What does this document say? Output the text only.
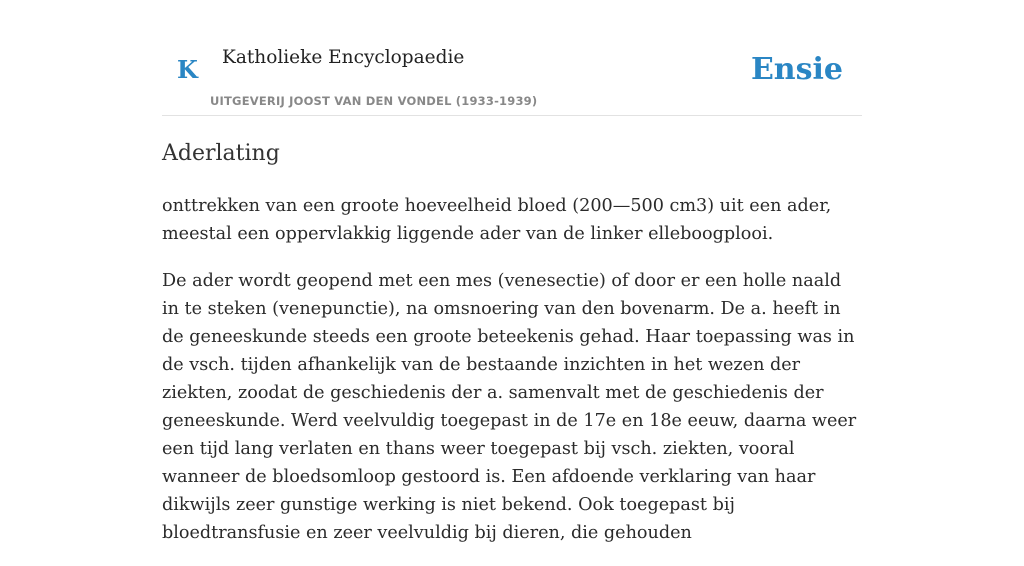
K Katholieke Encyclopaedie
UITGEVERIJ JOOST VAN DEN VONDEL (1933-1939)
Ensie
Aderlating

onttrekken van een groote hoeveelheid bloed (200—500 cm3) uit een ader, meestal een oppervlakkig liggende ader van de linker elleboogplooi.

De ader wordt geopend met een mes (venesectie) of door er een holle naald in te steken (venepunctie), na omsnoering van den bovenarm. De a. heeft in de geneeskunde steeds een groote beteekenis gehad. Haar toepassing was in de vsch. tijden afhankelijk van de bestaande inzichten in het wezen der ziekten, zoodat de geschiedenis der a. samenvalt met de geschiedenis der geneeskunde. Werd veelvuldig toegepast in de 17e en 18e eeuw, daarna weer een tijd lang verlaten en thans weer toegepast bij vsch. ziekten, vooral wanneer de bloedsomloop gestoord is. Een afdoende verklaring van haar dikwijls zeer gunstige werking is niet bekend. Ook toegepast bij bloedtransfusie en zeer veelvuldig bij dieren, die gehouden
